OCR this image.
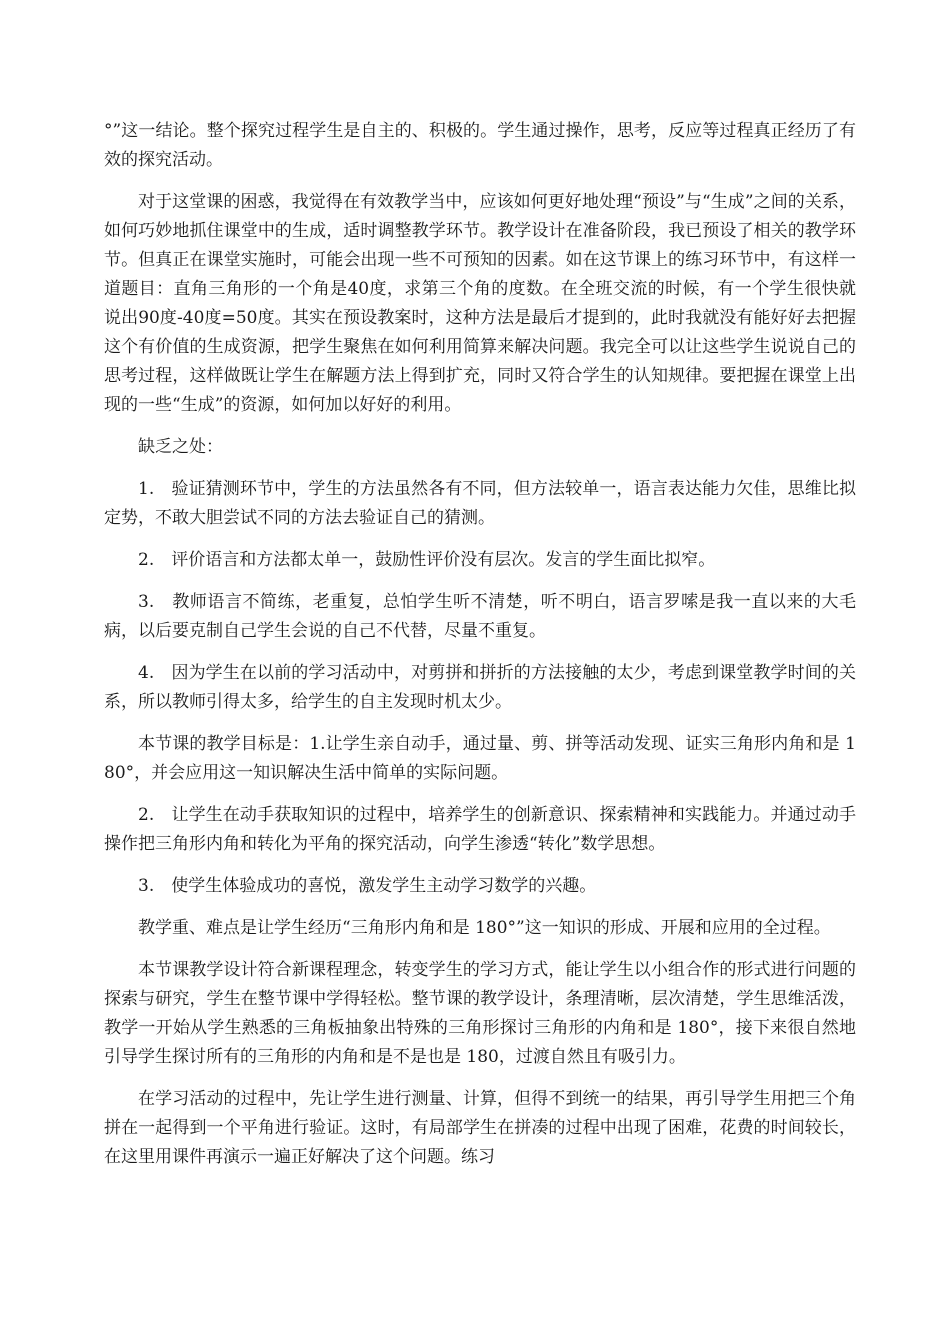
°”这一结论。整个探究过程学生是自主的、积极的。学生通过操作，思考，反应等过程真正经历了有效的探究活动。

对于这堂课的困惑，我觉得在有效教学当中，应该如何更好地处理“预设”与“生成”之间的关系，如何巧妙地抓住课堂中的生成，适时调整教学环节。教学设计在准备阶段，我已预设了相关的教学环节。但真正在课堂实施时，可能会出现一些不可预知的因素。如在这节课上的练习环节中，有这样一道题目：直角三角形的一个角是40度，求第三个角的度数。在全班交流的时候，有一个学生很快就说出90度-40度=50度。其实在预设教案时，这种方法是最后才提到的，此时我就没有能好好去把握这个有价值的生成资源，把学生聚焦在如何利用简算来解决问题。我完全可以让这些学生说说自己的思考过程，这样做既让学生在解题方法上得到扩充，同时又符合学生的认知规律。要把握在课堂上出现的一些“生成”的资源，如何加以好好的利用。

缺乏之处：

1.　验证猜测环节中，学生的方法虽然各有不同，但方法较单一，语言表达能力欠佳，思维比拟定势，不敢大胆尝试不同的方法去验证自己的猜测。

2.　评价语言和方法都太单一，鼓励性评价没有层次。发言的学生面比拟窄。

3.　教师语言不简练，老重复，总怕学生听不清楚，听不明白，语言罗嗦是我一直以来的大毛病，以后要克制自己学生会说的自己不代替，尽量不重复。

4.　因为学生在以前的学习活动中，对剪拼和拼折的方法接触的太少，考虑到课堂教学时间的关系，所以教师引得太多，给学生的自主发现时机太少。

本节课的教学目标是：1.让学生亲自动手，通过量、剪、拼等活动发现、证实三角形内角和是 180°，并会应用这一知识解决生活中简单的实际问题。

2.　让学生在动手获取知识的过程中，培养学生的创新意识、探索精神和实践能力。并通过动手操作把三角形内角和转化为平角的探究活动，向学生渗透“转化”数学思想。

3.　使学生体验成功的喜悦，激发学生主动学习数学的兴趣。

教学重、难点是让学生经历“三角形内角和是 180°”这一知识的形成、开展和应用的全过程。

本节课教学设计符合新课程理念，转变学生的学习方式，能让学生以小组合作的形式进行问题的探索与研究，学生在整节课中学得轻松。整节课的教学设计，条理清晰，层次清楚，学生思维活泼，教学一开始从学生熟悉的三角板抽象出特殊的三角形探讨三角形的内角和是 180°，接下来很自然地引导学生探讨所有的三角形的内角和是不是也是 180，过渡自然且有吸引力。

在学习活动的过程中，先让学生进行测量、计算，但得不到统一的结果，再引导学生用把三个角拼在一起得到一个平角进行验证。这时，有局部学生在拼凑的过程中出现了困难，花费的时间较长，在这里用课件再演示一遍正好解决了这个问题。练习
